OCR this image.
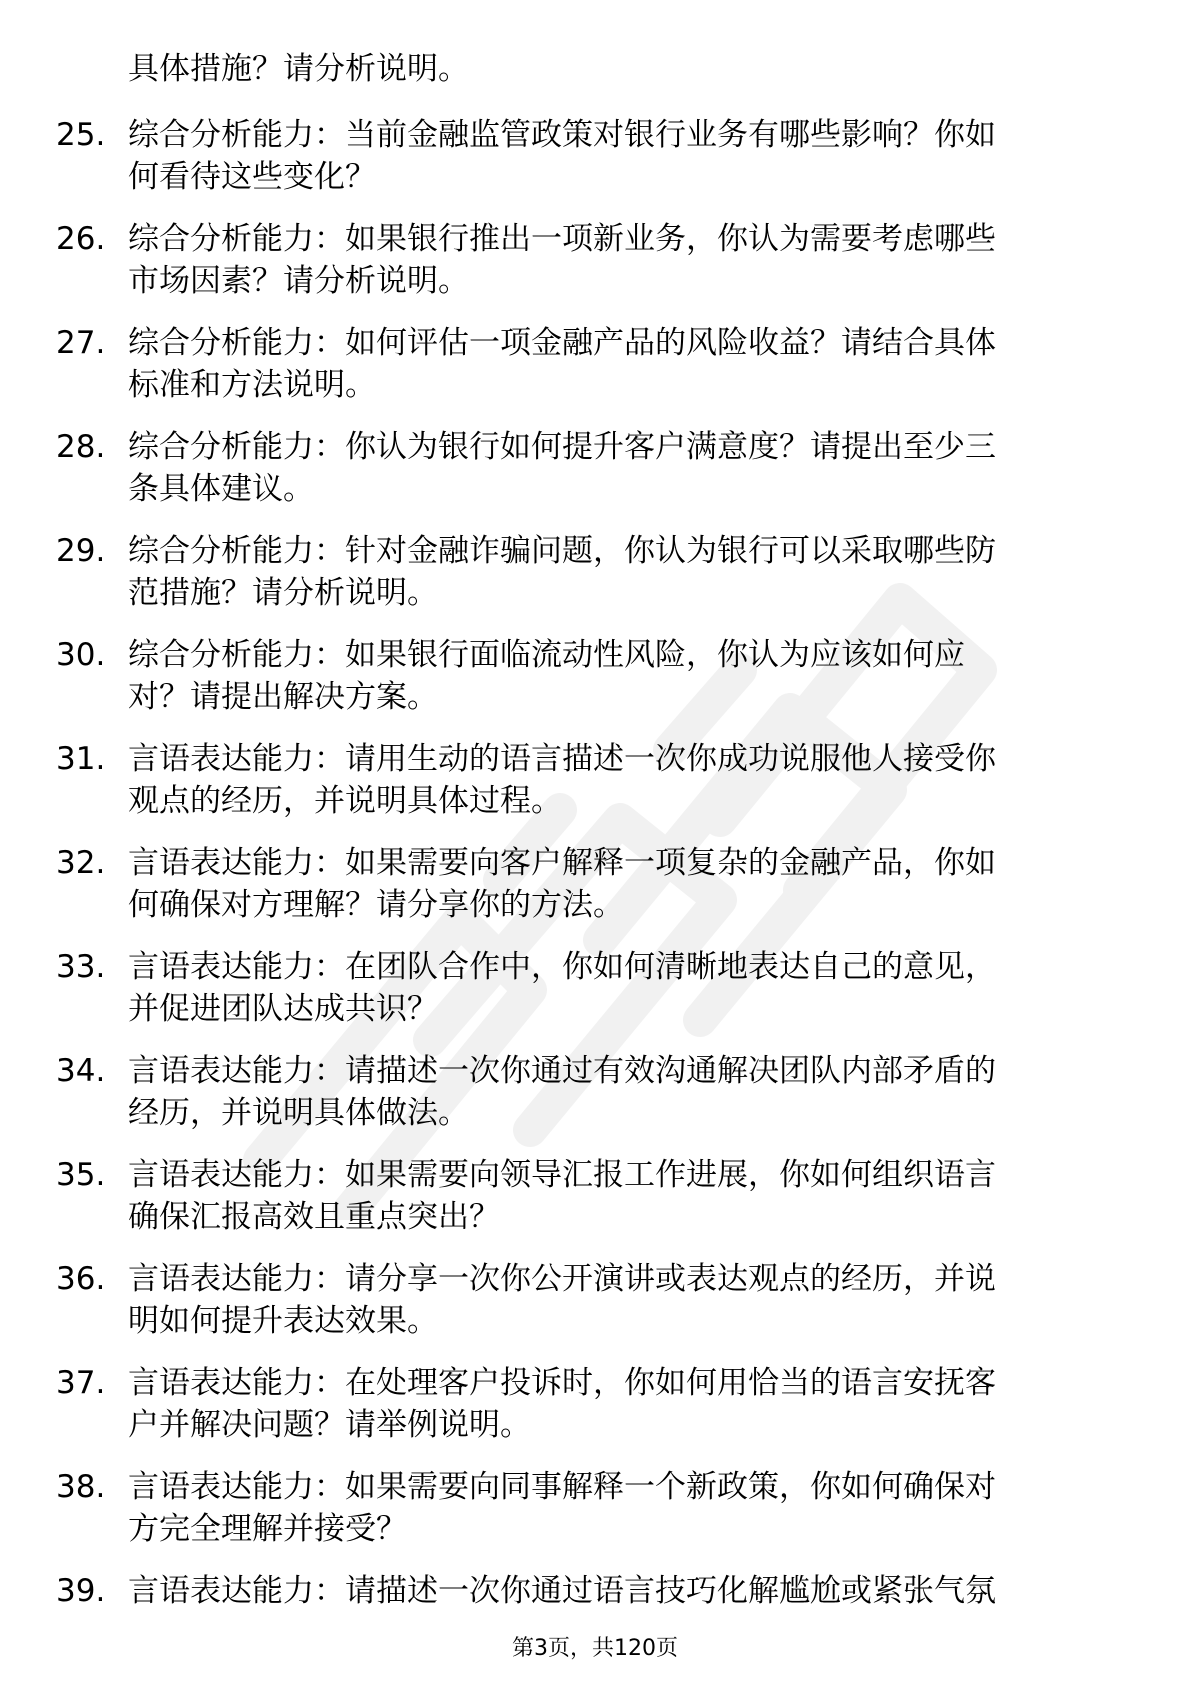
具体措施？请分析说明。
25. 综合分析能力：当前金融监管政策对银行业务有哪些影响？你如
何看待这些变化？
26. 综合分析能力：如果银行推出一项新业务，你认为需要考虑哪些
市场因素？请分析说明。
27. 综合分析能力：如何评估一项金融产品的风险收益？请结合具体
标准和方法说明。
28. 综合分析能力：你认为银行如何提升客户满意度？请提出至少三
条具体建议。
29. 综合分析能力：针对金融诈骗问题，你认为银行可以采取哪些防
范措施？请分析说明。
30. 综合分析能力：如果银行面临流动性风险，你认为应该如何应
对？请提出解决方案。
31. 言语表达能力：请用生动的语言描述一次你成功说服他人接受你
观点的经历，并说明具体过程。
32. 言语表达能力：如果需要向客户解释一项复杂的金融产品，你如
何确保对方理解？请分享你的方法。
33. 言语表达能力：在团队合作中，你如何清晰地表达自己的意见，
并促进团队达成共识？
34. 言语表达能力：请描述一次你通过有效沟通解决团队内部矛盾的
经历，并说明具体做法。
35. 言语表达能力：如果需要向领导汇报工作进展，你如何组织语言
确保汇报高效且重点突出？
36. 言语表达能力：请分享一次你公开演讲或表达观点的经历，并说
明如何提升表达效果。
37. 言语表达能力：在处理客户投诉时，你如何用恰当的语言安抚客
户并解决问题？请举例说明。
38. 言语表达能力：如果需要向同事解释一个新政策，你如何确保对
方完全理解并接受？
39. 言语表达能力：请描述一次你通过语言技巧化解尴尬或紧张气氛
第3页，共120页
